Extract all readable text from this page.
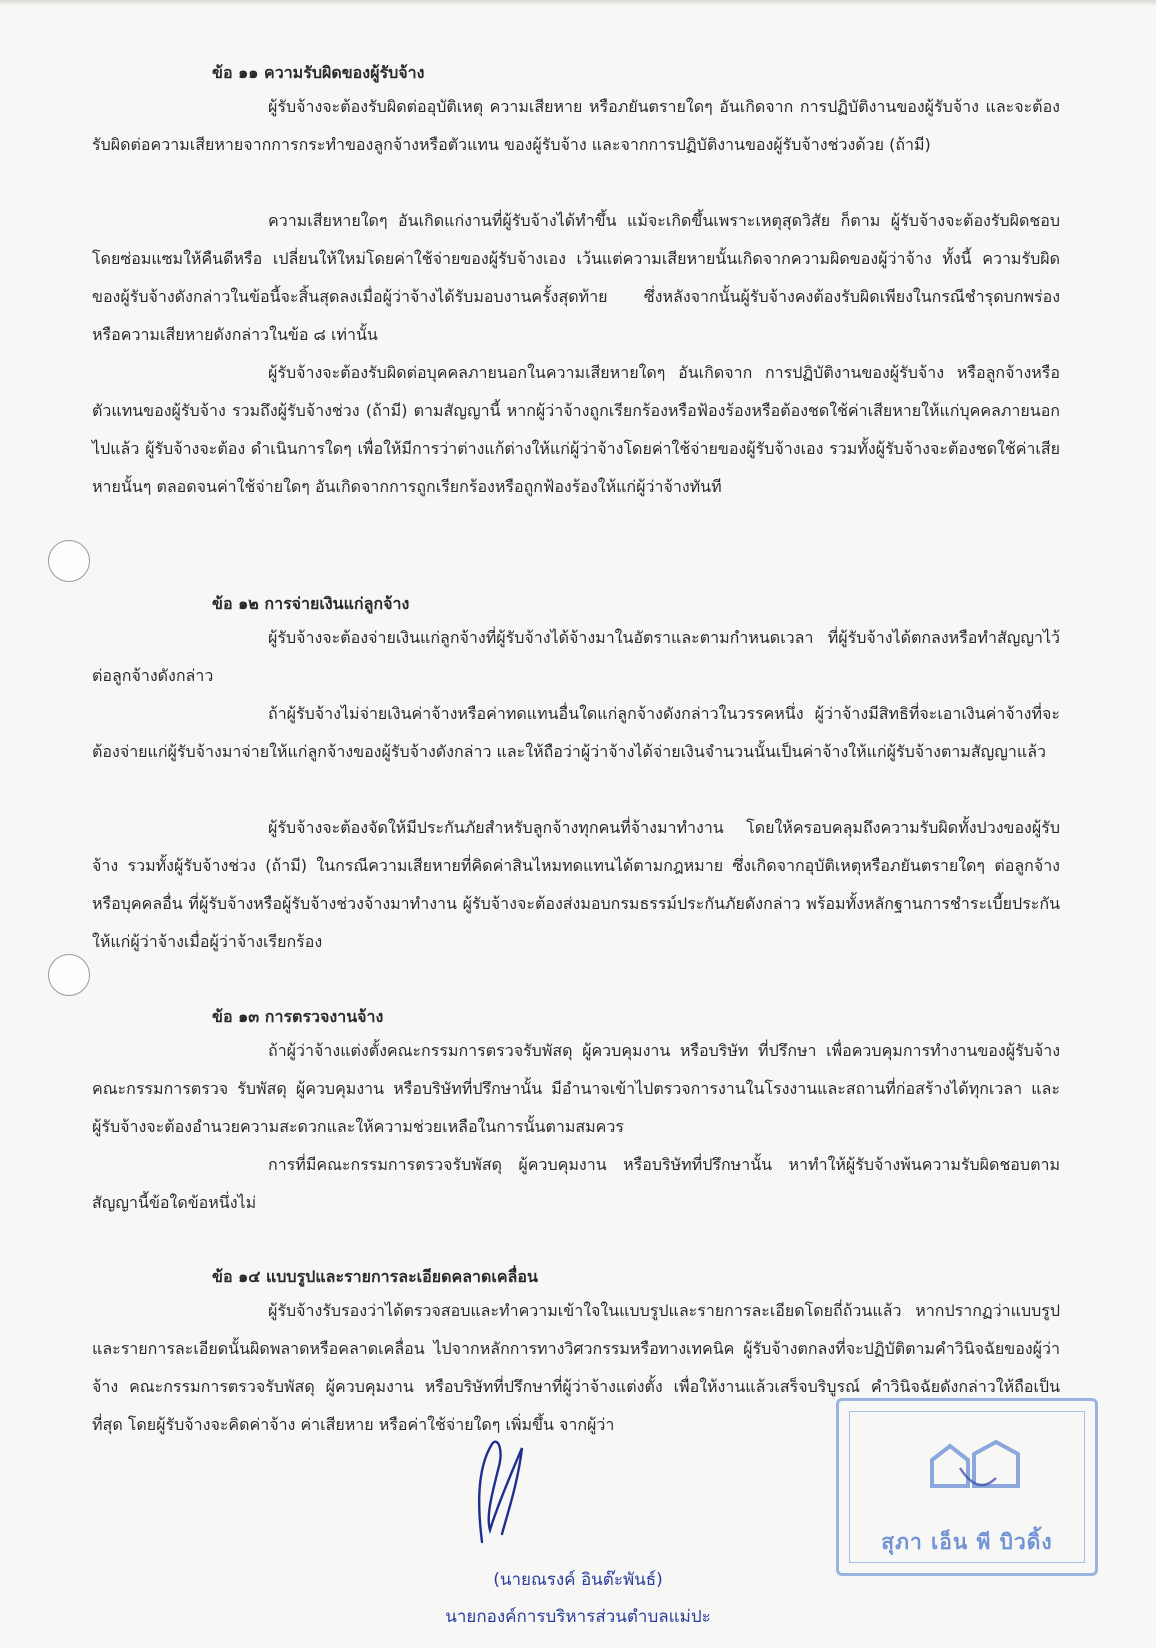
ข้อ ๑๑ ความรับผิดของผู้รับจ้าง

ผู้รับจ้างจะต้องรับผิดต่ออุบัติเหตุ ความเสียหาย หรือภยันตรายใดๆ อันเกิดจาก การปฏิบัติงานของผู้รับจ้าง และจะต้องรับผิดต่อความเสียหายจากการกระทำของลูกจ้างหรือตัวแทน ของผู้รับจ้าง และจากการปฏิบัติงานของผู้รับจ้างช่วงด้วย (ถ้ามี)

ความเสียหายใดๆ อันเกิดแก่งานที่ผู้รับจ้างได้ทำขึ้น แม้จะเกิดขึ้นเพราะเหตุสุดวิสัย ก็ตาม ผู้รับจ้างจะต้องรับผิดชอบโดยซ่อมแซมให้คืนดีหรือ เปลี่ยนให้ใหม่โดยค่าใช้จ่ายของผู้รับจ้างเอง เว้นแต่ความเสียหายนั้นเกิดจากความผิดของผู้ว่าจ้าง ทั้งนี้ ความรับผิดของผู้รับจ้างดังกล่าวในข้อนี้จะสิ้นสุดลงเมื่อผู้ว่าจ้างได้รับมอบงานครั้งสุดท้าย ซึ่งหลังจากนั้นผู้รับจ้างคงต้องรับผิดเพียงในกรณีชำรุดบกพร่อง หรือความเสียหายดังกล่าวในข้อ ๘ เท่านั้น

ผู้รับจ้างจะต้องรับผิดต่อบุคคลภายนอกในความเสียหายใดๆ อันเกิดจาก การปฏิบัติงานของผู้รับจ้าง หรือลูกจ้างหรือตัวแทนของผู้รับจ้าง รวมถึงผู้รับจ้างช่วง (ถ้ามี) ตามสัญญานี้ หากผู้ว่าจ้างถูกเรียกร้องหรือฟ้องร้องหรือต้องชดใช้ค่าเสียหายให้แก่บุคคลภายนอกไปแล้ว ผู้รับจ้างจะต้อง ดำเนินการใดๆ เพื่อให้มีการว่าต่างแก้ต่างให้แก่ผู้ว่าจ้างโดยค่าใช้จ่ายของผู้รับจ้างเอง รวมทั้งผู้รับจ้างจะต้องชดใช้ค่าเสียหายนั้นๆ ตลอดจนค่าใช้จ่ายใดๆ อันเกิดจากการถูกเรียกร้องหรือถูกฟ้องร้องให้แก่ผู้ว่าจ้างทันที

ข้อ ๑๒ การจ่ายเงินแก่ลูกจ้าง

ผู้รับจ้างจะต้องจ่ายเงินแก่ลูกจ้างที่ผู้รับจ้างได้จ้างมาในอัตราและตามกำหนดเวลา ที่ผู้รับจ้างได้ตกลงหรือทำสัญญาไว้ต่อลูกจ้างดังกล่าว

ถ้าผู้รับจ้างไม่จ่ายเงินค่าจ้างหรือค่าทดแทนอื่นใดแก่ลูกจ้างดังกล่าวในวรรคหนึ่ง ผู้ว่าจ้างมีสิทธิที่จะเอาเงินค่าจ้างที่จะต้องจ่ายแก่ผู้รับจ้างมาจ่ายให้แก่ลูกจ้างของผู้รับจ้างดังกล่าว และให้ถือว่าผู้ว่าจ้างได้จ่ายเงินจำนวนนั้นเป็นค่าจ้างให้แก่ผู้รับจ้างตามสัญญาแล้ว

ผู้รับจ้างจะต้องจัดให้มีประกันภัยสำหรับลูกจ้างทุกคนที่จ้างมาทำงาน โดยให้ครอบคลุมถึงความรับผิดทั้งปวงของผู้รับจ้าง รวมทั้งผู้รับจ้างช่วง (ถ้ามี) ในกรณีความเสียหายที่คิดค่าสินไหมทดแทนได้ตามกฎหมาย ซึ่งเกิดจากอุบัติเหตุหรือภยันตรายใดๆ ต่อลูกจ้างหรือบุคคลอื่น ที่ผู้รับจ้างหรือผู้รับจ้างช่วงจ้างมาทำงาน ผู้รับจ้างจะต้องส่งมอบกรมธรรม์ประกันภัยดังกล่าว พร้อมทั้งหลักฐานการชำระเบี้ยประกันให้แก่ผู้ว่าจ้างเมื่อผู้ว่าจ้างเรียกร้อง

ข้อ ๑๓ การตรวจงานจ้าง

ถ้าผู้ว่าจ้างแต่งตั้งคณะกรรมการตรวจรับพัสดุ ผู้ควบคุมงาน หรือบริษัท ที่ปรึกษา เพื่อควบคุมการทำงานของผู้รับจ้าง คณะกรรมการตรวจ รับพัสดุ ผู้ควบคุมงาน หรือบริษัทที่ปรึกษานั้น มีอำนาจเข้าไปตรวจการงานในโรงงานและสถานที่ก่อสร้างได้ทุกเวลา และผู้รับจ้างจะต้องอำนวยความสะดวกและให้ความช่วยเหลือในการนั้นตามสมควร

การที่มีคณะกรรมการตรวจรับพัสดุ ผู้ควบคุมงาน หรือบริษัทที่ปรึกษานั้น หาทำให้ผู้รับจ้างพ้นความรับผิดชอบตามสัญญานี้ข้อใดข้อหนึ่งไม่

ข้อ ๑๔ แบบรูปและรายการละเอียดคลาดเคลื่อน

ผู้รับจ้างรับรองว่าได้ตรวจสอบและทำความเข้าใจในแบบรูปและรายการละเอียดโดยถี่ถ้วนแล้ว หากปรากฏว่าแบบรูปและรายการละเอียดนั้นผิดพลาดหรือคลาดเคลื่อน ไปจากหลักการทางวิศวกรรมหรือทางเทคนิค ผู้รับจ้างตกลงที่จะปฏิบัติตามคำวินิจฉัยของผู้ว่าจ้าง คณะกรรมการตรวจรับพัสดุ ผู้ควบคุมงาน หรือบริษัทที่ปรึกษาที่ผู้ว่าจ้างแต่งตั้ง เพื่อให้งานแล้วเสร็จบริบูรณ์ คำวินิจฉัยดังกล่าวให้ถือเป็นที่สุด โดยผู้รับจ้างจะคิดค่าจ้าง ค่าเสียหาย หรือค่าใช้จ่ายใดๆ เพิ่มขึ้น จากผู้ว่า

สุภา เอ็น พี บิวดิ้ง
(นายณรงค์ อินต๊ะพันธ์)
นายกองค์การบริหารส่วนตำบลแม่ปะ
